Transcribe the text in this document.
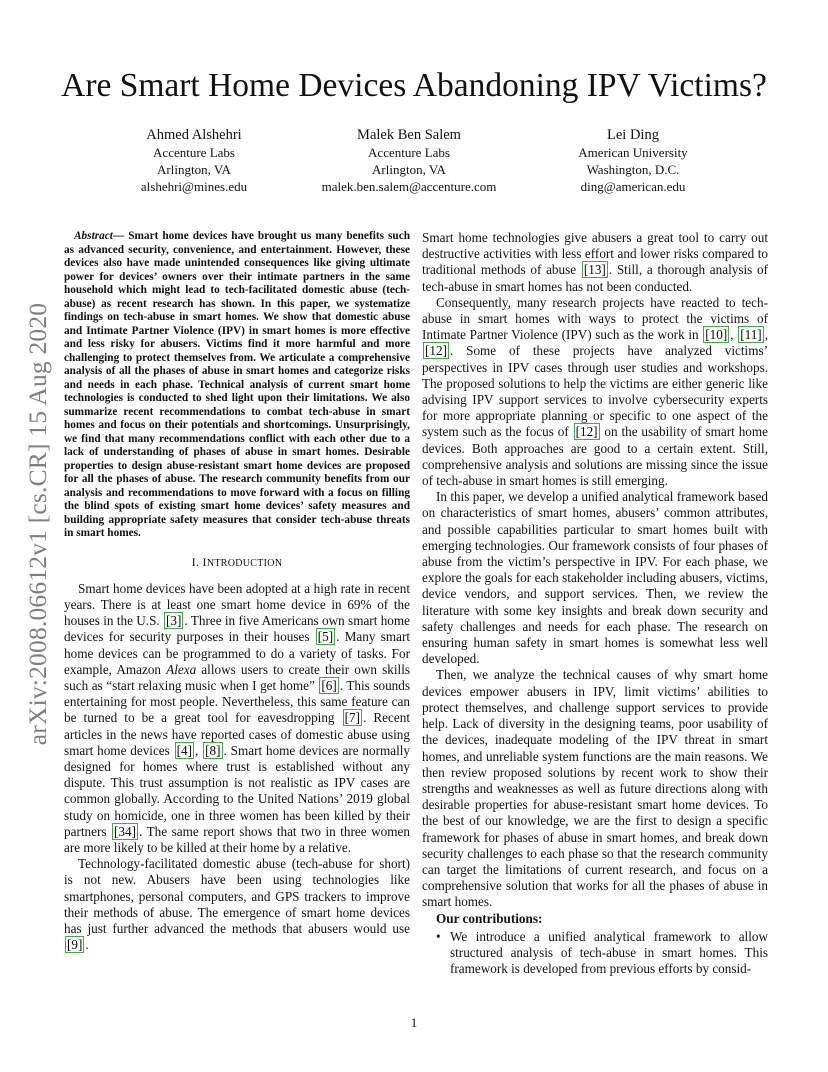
arXiv:2008.06612v1 [cs.CR] 15 Aug 2020
Are Smart Home Devices Abandoning IPV Victims?
Ahmed Alshehri
Accenture Labs
Arlington, VA
alshehri@mines.edu
Malek Ben Salem
Accenture Labs
Arlington, VA
malek.ben.salem@accenture.com
Lei Ding
American University
Washington, D.C.
ding@american.edu

Abstract— Smart home devices have brought us many benefits such as advanced security, convenience, and entertainment. However, these devices also have made unintended consequences like giving ultimate power for devices’ owners over their intimate partners in the same household which might lead to tech-facilitated domestic abuse (tech-abuse) as recent research has shown. In this paper, we systematize findings on tech-abuse in smart homes. We show that domestic abuse and Intimate Partner Violence (IPV) in smart homes is more effective and less risky for abusers. Victims find it more harmful and more challenging to protect themselves from. We articulate a comprehensive analysis of all the phases of abuse in smart homes and categorize risks and needs in each phase. Technical analysis of current smart home technologies is conducted to shed light upon their limitations. We also summarize recent recommendations to combat tech-abuse in smart homes and focus on their potentials and shortcomings. Unsurprisingly, we find that many recommendations conflict with each other due to a lack of understanding of phases of abuse in smart homes. Desirable properties to design abuse-resistant smart home devices are proposed for all the phases of abuse. The research community benefits from our analysis and recommendations to move forward with a focus on filling the blind spots of existing smart home devices’ safety measures and building appropriate safety measures that consider tech-abuse threats in smart homes.

I. INTRODUCTION

Smart home devices have been adopted at a high rate in recent years. There is at least one smart home device in 69% of the houses in the U.S. [3] . Three in five Americans own smart home devices for security purposes in their houses [5] . Many smart home devices can be programmed to do a variety of tasks. For example, Amazon Alexa allows users to create their own skills such as “start relaxing music when I get home” [6] . This sounds entertaining for most people. Nevertheless, this same feature can be turned to be a great tool for eavesdropping [7] . Recent articles in the news have reported cases of domestic abuse using smart home devices [4] , [8] . Smart home devices are normally designed for homes where trust is established without any dispute. This trust assumption is not realistic as IPV cases are common globally. According to the United Nations’ 2019 global study on homicide, one in three women has been killed by their partners [34] . The same report shows that two in three women are more likely to be killed at their home by a relative.

Technology-facilitated domestic abuse (tech-abuse for short) is not new. Abusers have been using technologies like smartphones, personal computers, and GPS trackers to improve their methods of abuse. The emergence of smart home devices has just further advanced the methods that abusers would use [9] .

Smart home technologies give abusers a great tool to carry out destructive activities with less effort and lower risks compared to traditional methods of abuse [13] . Still, a thorough analysis of tech-abuse in smart homes has not been conducted.

Consequently, many research projects have reacted to tech-abuse in smart homes with ways to protect the victims of Intimate Partner Violence (IPV) such as the work in [10] , [11] , [12] . Some of these projects have analyzed victims’ perspectives in IPV cases through user studies and workshops. The proposed solutions to help the victims are either generic like advising IPV support services to involve cybersecurity experts for more appropriate planning or specific to one aspect of the system such as the focus of [12] on the usability of smart home devices. Both approaches are good to a certain extent. Still, comprehensive analysis and solutions are missing since the issue of tech-abuse in smart homes is still emerging.

In this paper, we develop a unified analytical framework based on characteristics of smart homes, abusers’ common attributes, and possible capabilities particular to smart homes built with emerging technologies. Our framework consists of four phases of abuse from the victim’s perspective in IPV. For each phase, we explore the goals for each stakeholder including abusers, victims, device vendors, and support services. Then, we review the literature with some key insights and break down security and safety challenges and needs for each phase. The research on ensuring human safety in smart homes is somewhat less well developed.

Then, we analyze the technical causes of why smart home devices empower abusers in IPV, limit victims’ abilities to protect themselves, and challenge support services to provide help. Lack of diversity in the designing teams, poor usability of the devices, inadequate modeling of the IPV threat in smart homes, and unreliable system functions are the main reasons. We then review proposed solutions by recent work to show their strengths and weaknesses as well as future directions along with desirable properties for abuse-resistant smart home devices. To the best of our knowledge, we are the first to design a specific framework for phases of abuse in smart homes, and break down security challenges to each phase so that the research community can target the limitations of current research, and focus on a comprehensive solution that works for all the phases of abuse in smart homes.

Our contributions:
• We introduce a unified analytical framework to allow structured analysis of tech-abuse in smart homes. This framework is developed from previous efforts by consid-
1
